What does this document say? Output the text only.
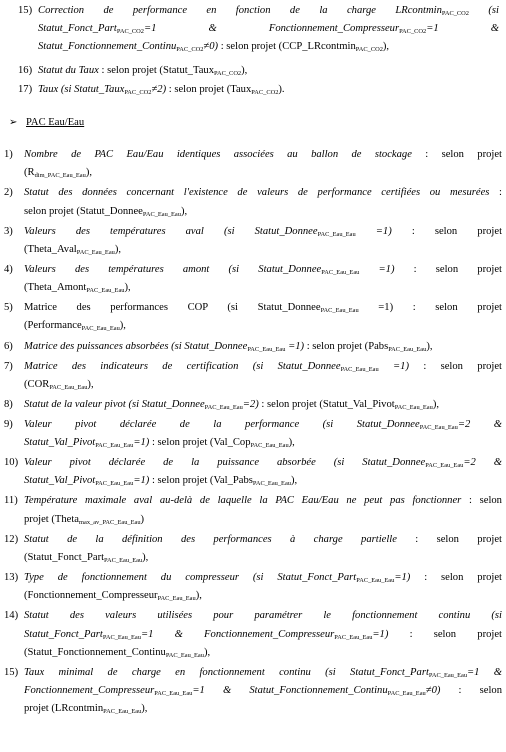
15) Correction de performance en fonction de la charge LRcontmin$_{PAC\_CO2}$ (si
Statut_Fonct_Part$_{PAC\_CO2}$=1 & Fonctionnement_Compresseur$_{PAC\_CO2}$=1 &
Statut_Fonctionnement_Continu$_{PAC\_CO2}$≠0) : selon projet (CCP_LRcontmin$_{PAC\_CO2}$),
16) Statut du Taux : selon projet (Statut_Taux$_{PAC\_CO2}$),
17) Taux (si Statut_Taux$_{PAC\_CO2}$≠2) : selon projet (Taux$_{PAC\_CO2}$).
➢ PAC Eau/Eau
1) Nombre de PAC Eau/Eau identiques associées au ballon de stockage : selon projet
$(R_{dim\_PAC\_Eau\_Eau})$,
2) Statut des données concernant l'existence de valeurs de performance certifiées ou mesurées :
selon projet (Statut_Donnee$_{PAC\_Eau\_Eau}$),
3) Valeurs des températures aval (si Statut_Donnee$_{PAC\_Eau\_Eau}$ =1) : selon projet
(Theta_Aval$_{PAC\_Eau\_Eau}$),
4) Valeurs des températures amont (si Statut_Donnee$_{PAC\_Eau\_Eau}$ =1) : selon projet
(Theta_Amont$_{PAC\_Eau\_Eau}$),
5) Matrice des performances COP (si Statut_Donnee$_{PAC\_Eau\_Eau}$ =1) : selon projet
(Performance$_{PAC\_Eau\_Eau}$),
6) Matrice des puissances absorbées (si Statut_Donnee$_{PAC\_Eau\_Eau}$ =1) : selon projet (Pabs$_{PAC\_Eau\_Eau}$),
7) Matrice des indicateurs de certification (si Statut_Donnee$_{PAC\_Eau\_Eau}$ =1) : selon projet
$(COR_{PAC\_Eau\_Eau})$,
8) Statut de la valeur pivot (si Statut_Donnee$_{PAC\_Eau\_Eau}$=2) : selon projet (Statut_Val_Pivot$_{PAC\_Eau\_Eau}$),
9) Valeur pivot déclarée de la performance (si Statut_Donnee$_{PAC\_Eau\_Eau}$=2 &
Statut_Val_Pivot$_{PAC\_Eau\_Eau}$=1) : selon projet (Val_Cop$_{PAC\_Eau\_Eau}$),
10) Valeur pivot déclarée de la puissance absorbée (si Statut_Donnee$_{PAC\_Eau\_Eau}$=2 &
Statut_Val_Pivot$_{PAC\_Eau\_Eau}$=1) : selon projet (Val_Pabs$_{PAC\_Eau\_Eau}$),
11) Température maximale aval au-delà de laquelle la PAC Eau/Eau ne peut pas fonctionner : selon
projet (Theta$_{max\_av\_PAC\_Eau\_Eau}$)
12) Statut de la définition des performances à charge partielle : selon projet
(Statut_Fonct_Part$_{PAC\_Eau\_Eau}$),
13) Type de fonctionnement du compresseur (si Statut_Fonct_Part$_{PAC\_Eau\_Eau}$=1) : selon projet
(Fonctionnement_Compresseur$_{PAC\_Eau\_Eau}$),
14) Statut des valeurs utilisées pour paramétrer le fonctionnement continu (si
Statut_Fonct_Part$_{PAC\_Eau\_Eau}$=1 & Fonctionnement_Compresseur$_{PAC\_Eau\_Eau}$=1) : selon projet
(Statut_Fonctionnement_Continu$_{PAC\_Eau\_Eau}$),
15) Taux minimal de charge en fonctionnement continu (si Statut_Fonct_Part$_{PAC\_Eau\_Eau}$=1 &
Fonctionnement_Compresseur$_{PAC\_Eau\_Eau}$=1 & Statut_Fonctionnement_Continu$_{PAC\_Eau\_Eau}$≠0) : selon
projet (LRcontmin$_{PAC\_Eau\_Eau}$),
